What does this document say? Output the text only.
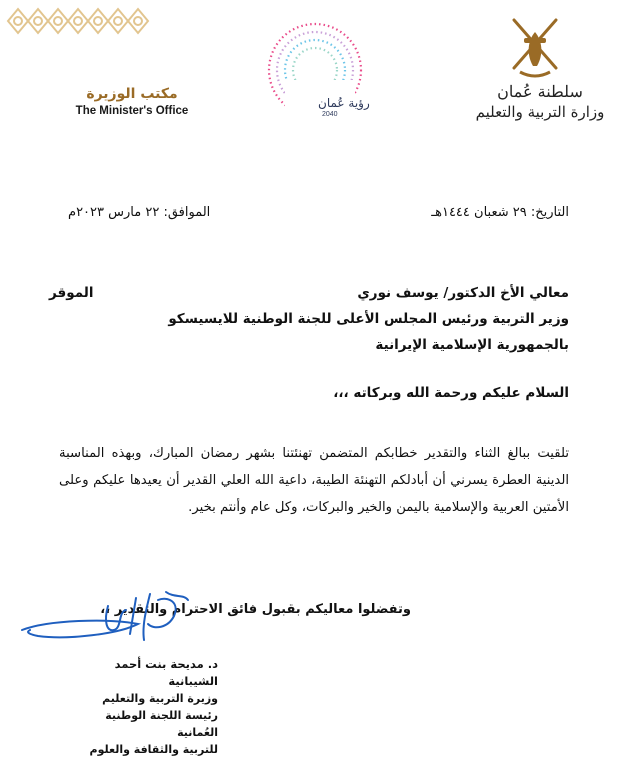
مكتب الوزيرة
The Minister's Office
رؤية عُمان
2040
سلطنة عُمان
وزارة التربية والتعليم
التاريخ: ٢٩ شعبان ١٤٤٤هـ
الموافق: ٢٢ مارس ٢٠٢٣م
معالي الأخ الدكتور/ يوسف نوري
الموقر
وزير التربية ورئيس المجلس الأعلى للجنة الوطنية للايسيسكو
بالجمهورية الإسلامية الإيرانية
السلام عليكم ورحمة الله وبركاته ،،،
تلقيت ببالغ الثناء والتقدير خطابكم المتضمن تهنئتنا بشهر رمضان المبارك، وبهذه المناسبة الدينية العطرة يسرني أن أبادلكم التهنئة الطيبة، داعية الله العلي القدير أن يعيدها عليكم وعلى الأمتين العربية والإسلامية باليمن والخير والبركات، وكل عام وأنتم بخير.
وتفضلوا معاليكم بقبول فائق الاحترام والتقدير ،،
د. مديحة بنت أحمد الشيبانية
وزيرة التربية والتعليم
رئيسة اللجنة الوطنية العُمانية
للتربية والثقافة والعلوم
